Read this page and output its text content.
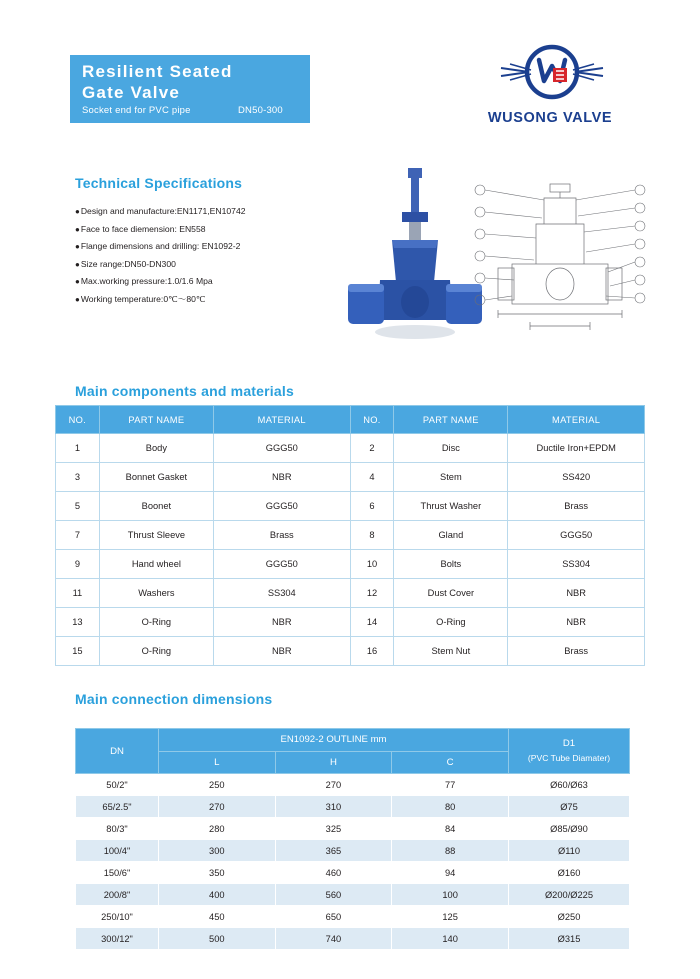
Resilient Seated
Gate Valve
Socket end for PVC pipe	DN50-300	WUSONG VALVE
Technical Specifications
●Design and manufacture:EN1171,EN10742
●Face to face diemension: EN558
●Flange dimensions and drilling: EN1092-2
●Size range:DN50-DN300
●Max.working pressure:1.0/1.6 Mpa
●Working temperature:0℃～80℃
Main components and materials
NO.	PART NAME	MATERIAL	NO.	PART NAME	MATERIAL
1	Body	GGG50	2	Disc	Ductile Iron+EPDM
3	Bonnet Gasket	NBR	4	Stem	SS420
5	Boonet	GGG50	6	Thrust Washer	Brass
7	Thrust Sleeve	Brass	8	Gland	GGG50
9	Hand wheel	GGG50	10	Bolts	SS304
11	Washers	SS304	12	Dust Cover	NBR
13	O-Ring	NBR	14	O-Ring	NBR
15	O-Ring	NBR	16	Stem Nut	Brass
Main connection dimensions
DN	EN1092-2 OUTLINE mm			D1
(PVC Tube Diamater)
	L	H	C	
50/2"	250	270	77	Ø60/Ø63
65/2.5"	270	310	80	Ø75
80/3"	280	325	84	Ø85/Ø90
100/4"	300	365	88	Ø110
150/6"	350	460	94	Ø160
200/8"	400	560	100	Ø200/Ø225
250/10"	450	650	125	Ø250
300/12"	500	740	140	Ø315
